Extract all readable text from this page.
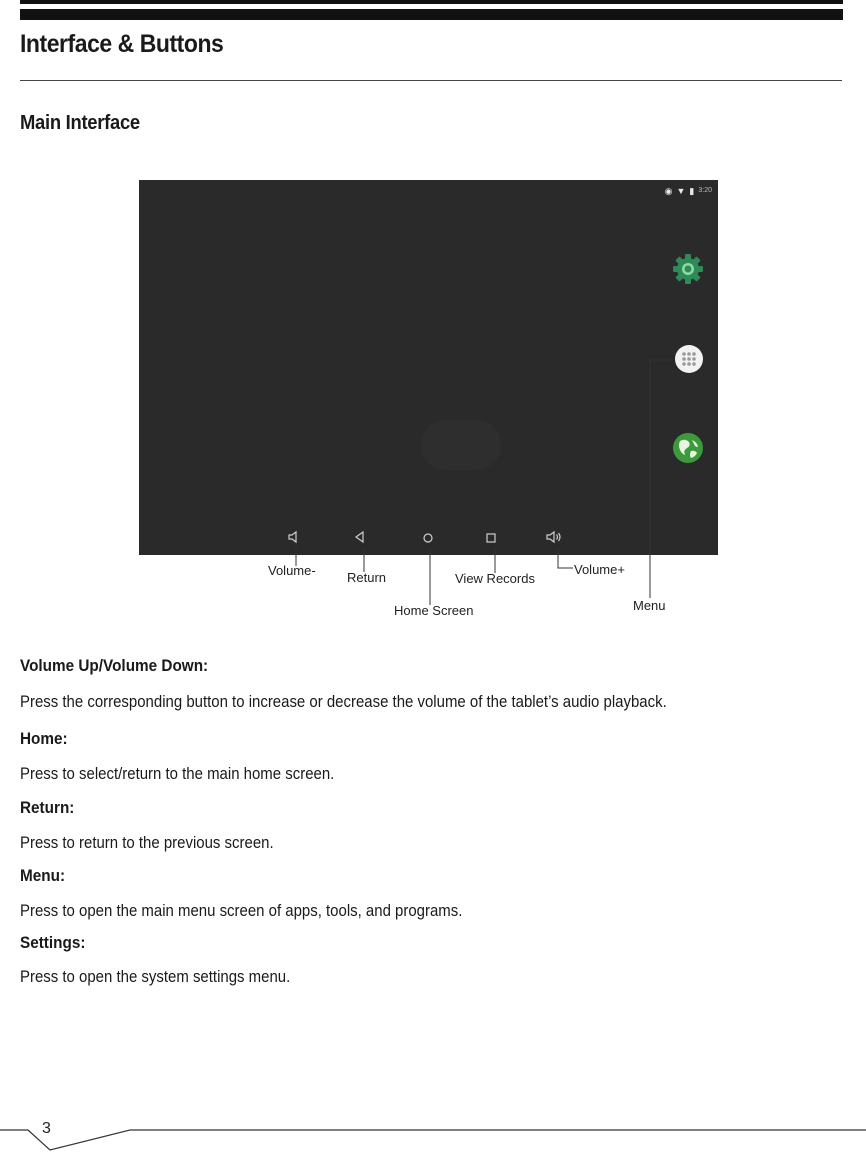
Interface & Buttons
Main Interface
◉ ▼ ▮ 3:20
Volume- Return	View Records
Volume+
Home Screen	Menu
Volume Up/Volume Down:

Press the corresponding button to increase or decrease the volume of the tablet’s audio playback.

Home:

Press to select/return to the main home screen.

Return:

Press to return to the previous screen.

Menu:

Press to open the main menu screen of apps, tools, and programs.

Settings:

Press to open the system settings menu.

3
